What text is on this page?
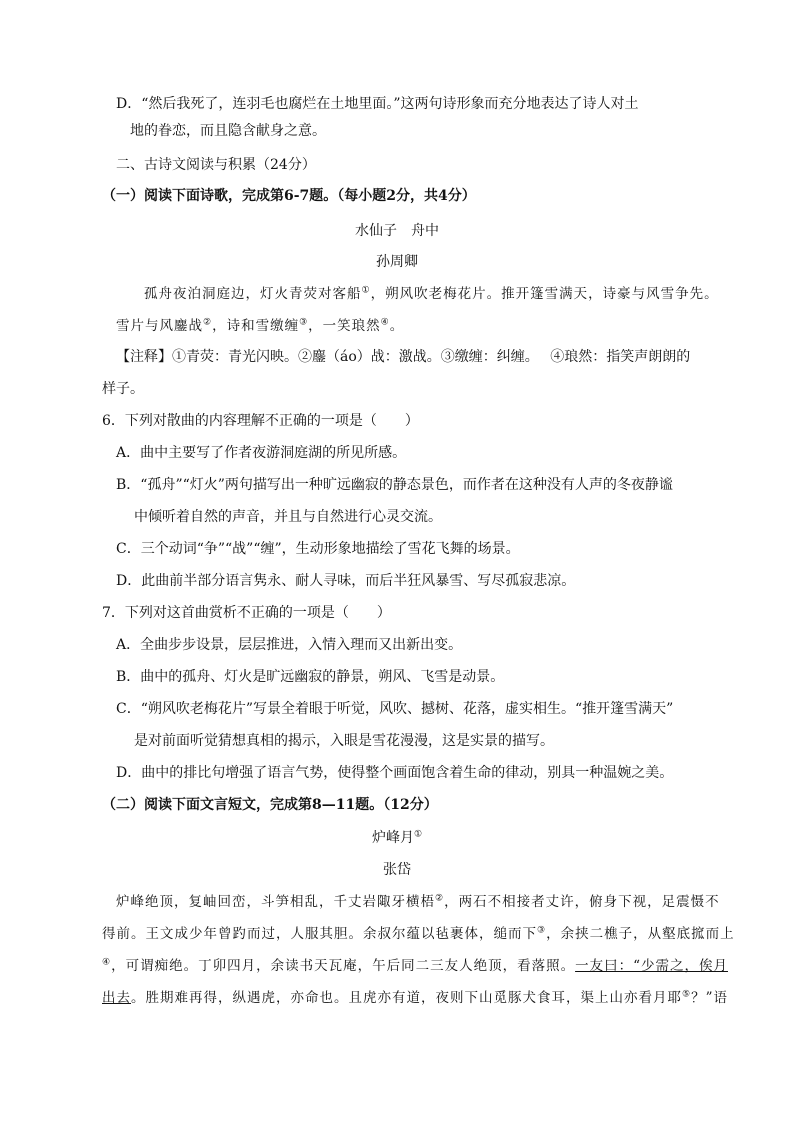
D．“然后我死了，连羽毛也腐烂在土地里面。”这两句诗形象而充分地表达了诗人对土
地的眷恋，而且隐含献身之意。
二、古诗文阅读与积累（24分）
（一）阅读下面诗歌，完成第6-7题。（每小题2分，共4分）
水仙子　舟中
孙周卿
孤舟夜泊洞庭边，灯火青荧对客船①，朔风吹老梅花片。推开篷雪满天，诗豪与风雪争先。
雪片与风鏖战②，诗和雪缴缠③，一笑琅然④。
【注释】①青荧：青光闪映。②鏖（áo）战：激战。③缴缠：纠缠。　 ④琅然：指笑声朗朗的
样子。
6．下列对散曲的内容理解不正确的一项是（　　）
A．曲中主要写了作者夜游洞庭湖的所见所感。
B．“孤舟”“灯火”两句描写出一种旷远幽寂的静态景色，而作者在这种没有人声的冬夜静谧
中倾听着自然的声音，并且与自然进行心灵交流。
C．三个动词“争”“战”“缠”，生动形象地描绘了雪花飞舞的场景。
D．此曲前半部分语言隽永、耐人寻味，而后半狂风暴雪、写尽孤寂悲凉。
7．下列对这首曲赏析不正确的一项是（　　）
A．全曲步步设景，层层推进，入情入理而又出新出变。
B．曲中的孤舟、灯火是旷远幽寂的静景，朔风、飞雪是动景。
C．“朔风吹老梅花片”写景全着眼于听觉，风吹、撼树、花落，虚实相生。“推开篷雪满天”
是对前面听觉猜想真相的揭示，入眼是雪花漫漫，这是实景的描写。
D．曲中的排比句增强了语言气势，使得整个画面饱含着生命的律动，别具一种温婉之美。
（二）阅读下面文言短文，完成第8—11题。（12分）
炉峰月①
张岱
炉峰绝顶，复岫回峦，斗笋相乱，千丈岩陬牙横梧②，两石不相接者丈许，俯身下视，足震慑不
得前。王文成少年曾趵而过，人服其胆。余叔尔蕴以毡裹体，缒而下③，余挟二樵子，从壑底搲而上
④，可谓痴绝。丁卯四月，余读书天瓦庵，午后同二三友人绝顶，看落照。一友曰：“少需之，俟月
出去。胜期难再得，纵遇虎，亦命也。且虎亦有道，夜则下山觅豚犬食耳，渠上山亦看月耶⑤？”语
